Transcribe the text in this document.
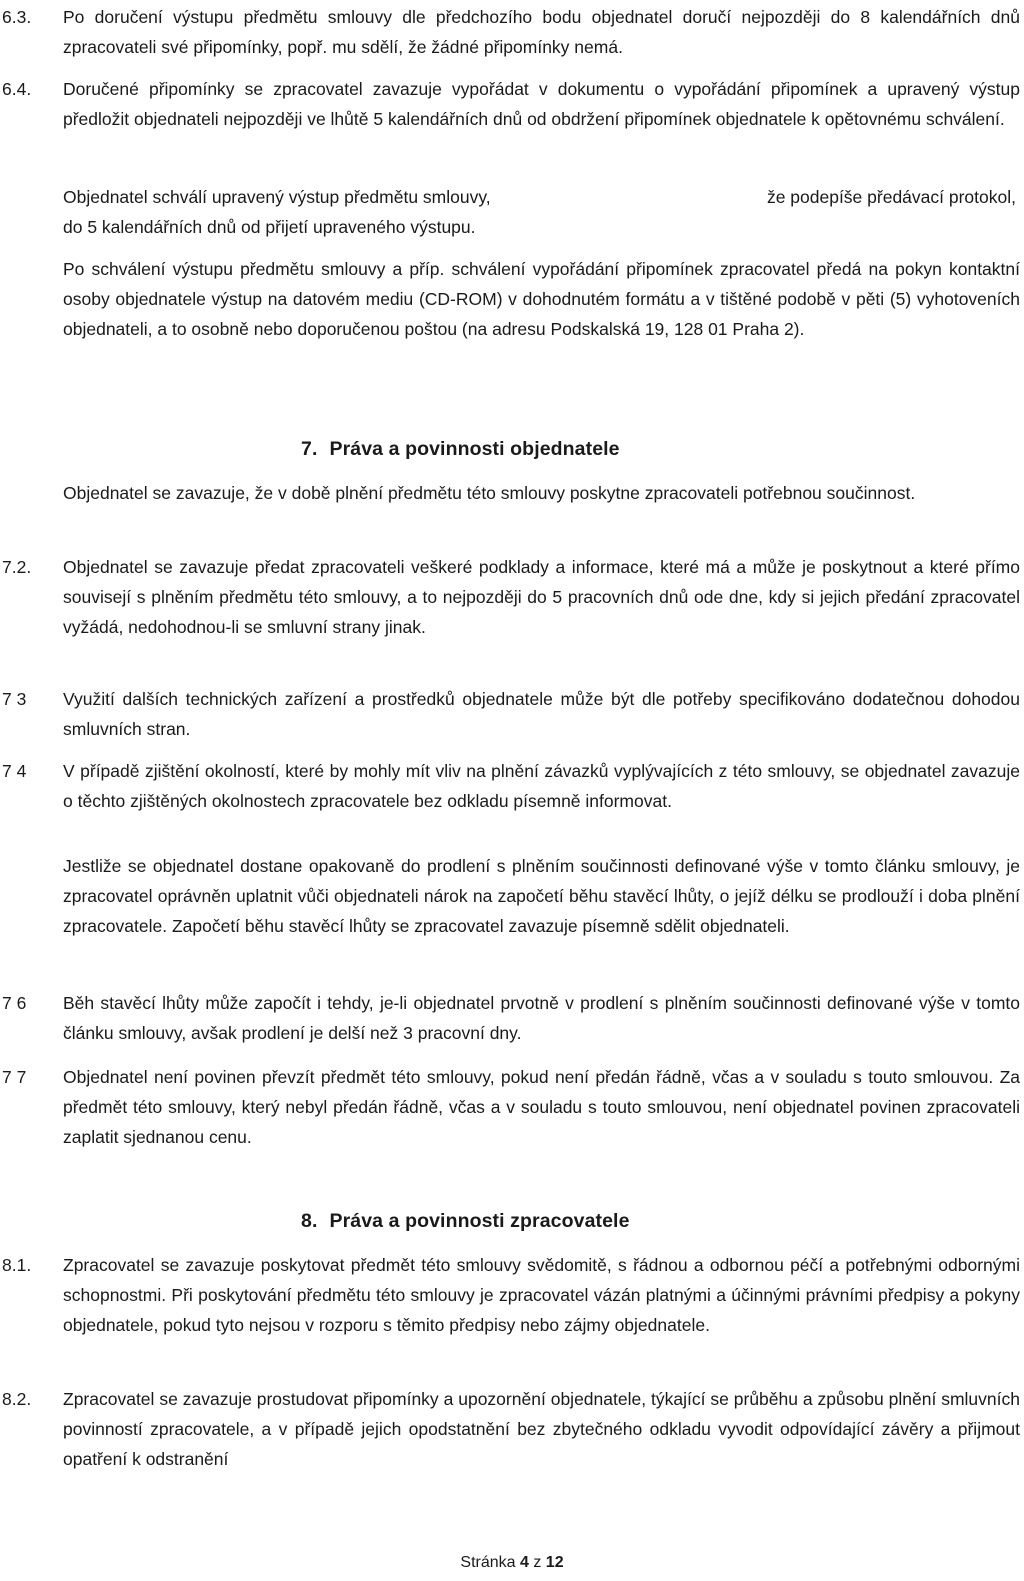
6.3. Po doručení výstupu předmětu smlouvy dle předchozího bodu objednatel doručí nejpozději do 8 kalendářních dnů zpracovateli své připomínky, popř. mu sdělí, že žádné připomínky nemá.

6.4. Doručené připomínky se zpracovatel zavazuje vypořádat v dokumentu o vypořádání připomínek a upravený výstup předložit objednateli nejpozději ve lhůtě 5 kalendářních dnů od obdržení připomínek objednatele k opětovnému schválení.

Objednatel schválí upravený výstup předmětu smlouvy,	že podepíše předávací protokol,
do 5 kalendářních dnů od přijetí upraveného výstupu.

Po schválení výstupu předmětu smlouvy a příp. schválení vypořádání připomínek zpracovatel předá na pokyn kontaktní osoby objednatele výstup na datovém mediu (CD-ROM) v dohodnutém formátu a v tištěné podobě v pěti (5) vyhotoveních objednateli, a to osobně nebo doporučenou poštou (na adresu Podskalská 19, 128 01 Praha 2).

7. Práva a povinnosti objednatele

Objednatel se zavazuje, že v době plnění předmětu této smlouvy poskytne zpracovateli potřebnou součinnost.

7.2. Objednatel se zavazuje předat zpracovateli veškeré podklady a informace, které má a může je poskytnout a které přímo souvisejí s plněním předmětu této smlouvy, a to nejpozději do 5 pracovních dnů ode dne, kdy si jejich předání zpracovatel vyžádá, nedohodnou-li se smluvní strany jinak.

7 3 Využití dalších technických zařízení a prostředků objednatele může být dle potřeby specifikováno dodatečnou dohodou smluvních stran.

7 4 V případě zjištění okolností, které by mohly mít vliv na plnění závazků vyplývajících z této smlouvy, se objednatel zavazuje o těchto zjištěných okolnostech zpracovatele bez odkladu písemně informovat.

Jestliže se objednatel dostane opakovaně do prodlení s plněním součinnosti definované výše v tomto článku smlouvy, je zpracovatel oprávněn uplatnit vůči objednateli nárok na započetí běhu stavěcí lhůty, o jejíž délku se prodlouží i doba plnění zpracovatele. Započetí běhu stavěcí lhůty se zpracovatel zavazuje písemně sdělit objednateli.

7 6 Běh stavěcí lhůty může započít i tehdy, je-li objednatel prvotně v prodlení s plněním součinnosti definované výše v tomto článku smlouvy, avšak prodlení je delší než 3 pracovní dny.

7 7 Objednatel není povinen převzít předmět této smlouvy, pokud není předán řádně, včas a v souladu s touto smlouvou. Za předmět této smlouvy, který nebyl předán řádně, včas a v souladu s touto smlouvou, není objednatel povinen zpracovateli zaplatit sjednanou cenu.

8. Práva a povinnosti zpracovatele
8.1. Zpracovatel se zavazuje poskytovat předmět této smlouvy svědomitě, s řádnou a odbornou péčí a potřebnými odbornými schopnostmi. Při poskytování předmětu této smlouvy je zpracovatel vázán platnými a účinnými právními předpisy a pokyny objednatele, pokud tyto nejsou v rozporu s těmito předpisy nebo zájmy objednatele.

8.2. Zpracovatel se zavazuje prostudovat připomínky a upozornění objednatele, týkající se průběhu a způsobu plnění smluvních povinností zpracovatele, a v případě jejich opodstatnění bez zbytečného odkladu vyvodit odpovídající závěry a přijmout opatření k odstranění

Stránka 4 z 12
